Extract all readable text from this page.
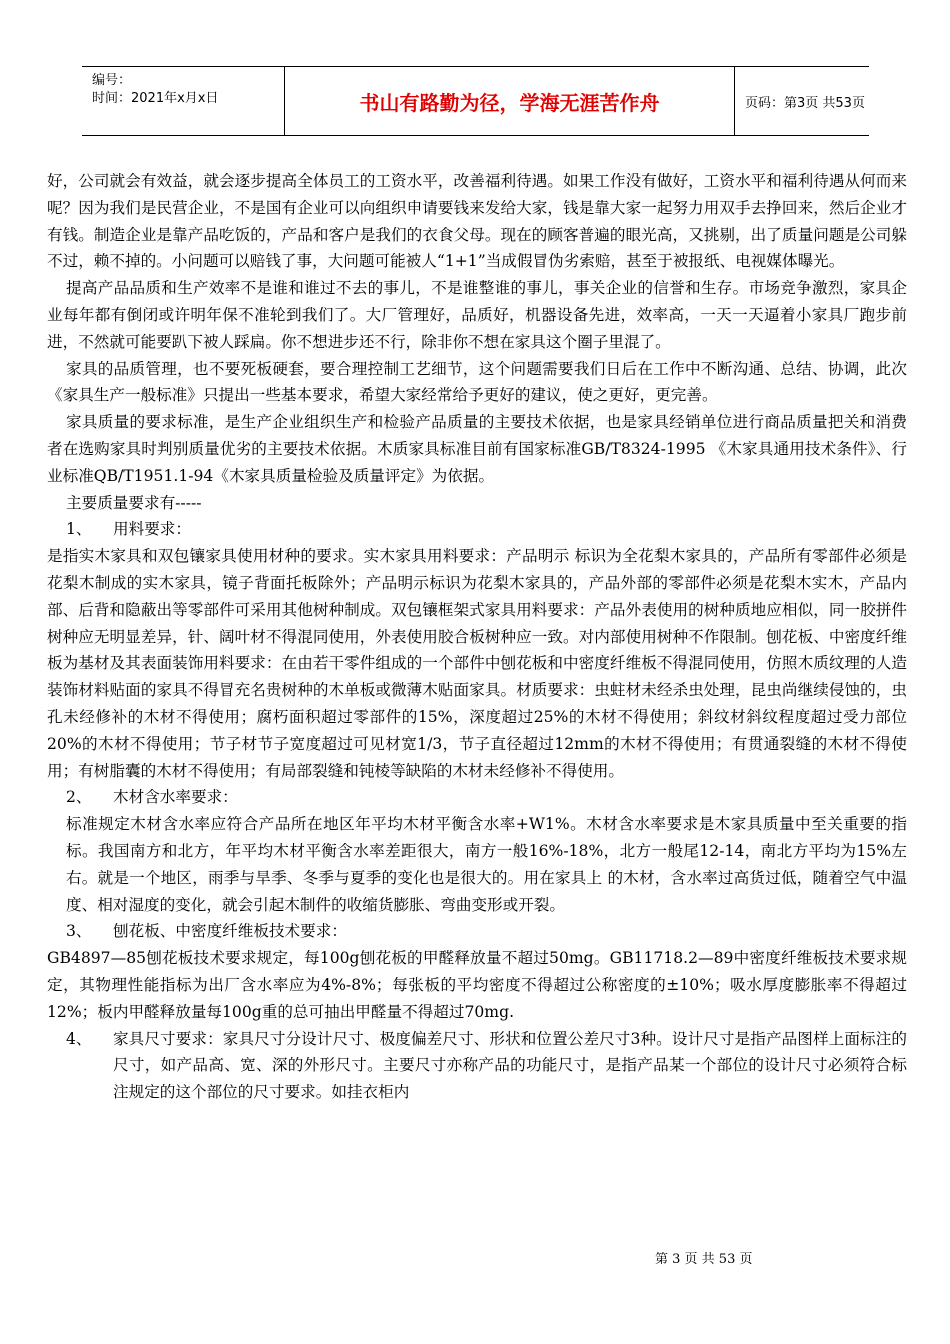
编号：
时间：2021年x月x日	书山有路勤为径，学海无涯苦作舟	页码：第3页 共53页

好，公司就会有效益，就会逐步提高全体员工的工资水平，改善福利待遇。如果工作没有做好，工资水平和福利待遇从何而来呢？因为我们是民营企业，不是国有企业可以向组织申请要钱来发给大家，钱是靠大家一起努力用双手去挣回来，然后企业才有钱。制造企业是靠产品吃饭的，产品和客户是我们的衣食父母。现在的顾客普遍的眼光高，又挑剔，出了质量问题是公司躲不过，赖不掉的。小问题可以赔钱了事，大问题可能被人“1+1”当成假冒伪劣索赔，甚至于被报纸、电视媒体曝光。

提高产品品质和生产效率不是谁和谁过不去的事儿，不是谁整谁的事儿，事关企业的信誉和生存。市场竞争激烈，家具企业每年都有倒闭或许明年保不准轮到我们了。大厂管理好，品质好，机器设备先进，效率高，一天一天逼着小家具厂跑步前进，不然就可能要趴下被人踩扁。你不想进步还不行，除非你不想在家具这个圈子里混了。

家具的品质管理，也不要死板硬套，要合理控制工艺细节，这个问题需要我们日后在工作中不断沟通、总结、协调，此次《家具生产一般标准》只提出一些基本要求，希望大家经常给予更好的建议，使之更好，更完善。

家具质量的要求标准，是生产企业组织生产和检验产品质量的主要技术依据，也是家具经销单位进行商品质量把关和消费者在选购家具时判别质量优劣的主要技术依据。木质家具标准目前有国家标准GB/T8324-1995 《木家具通用技术条件》、行业标准QB/T1951.1-94《木家具质量检验及质量评定》为依据。

主要质量要求有-----

1、	用料要求：

是指实木家具和双包镶家具使用材种的要求。实木家具用料要求：产品明示 标识为全花梨木家具的，产品所有零部件必须是花梨木制成的实木家具，镜子背面托板除外；产品明示标识为花梨木家具的，产品外部的零部件必须是花梨木实木，产品内部、后背和隐蔽出等零部件可采用其他树种制成。双包镶框架式家具用料要求：产品外表使用的树种质地应相似，同一胶拼件树种应无明显差异，针、阔叶材不得混同使用，外表使用胶合板树种应一致。对内部使用树种不作限制。刨花板、中密度纤维板为基材及其表面装饰用料要求：在由若干零件组成的一个部件中刨花板和中密度纤维板不得混同使用，仿照木质纹理的人造装饰材料贴面的家具不得冒充名贵树种的木单板或微薄木贴面家具。材质要求：虫蛀材未经杀虫处理，昆虫尚继续侵蚀的，虫孔未经修补的木材不得使用；腐朽面积超过零部件的15%，深度超过25%的木材不得使用；斜纹材斜纹程度超过受力部位20%的木材不得使用；节子材节子宽度超过可见材宽1/3，节子直径超过12mm的木材不得使用；有贯通裂缝的木材不得使用；有树脂囊的木材不得使用；有局部裂缝和钝棱等缺陷的木材未经修补不得使用。

2、	木材含水率要求：

标准规定木材含水率应符合产品所在地区年平均木材平衡含水率+W1%。木材含水率要求是木家具质量中至关重要的指标。我国南方和北方，年平均木材平衡含水率差距很大，南方一般16%-18%，北方一般尾12-14，南北方平均为15%左右。就是一个地区，雨季与旱季、冬季与夏季的变化也是很大的。用在家具上 的木材，含水率过高货过低，随着空气中温度、相对湿度的变化，就会引起木制件的收缩货膨胀、弯曲变形或开裂。

3、	刨花板、中密度纤维板技术要求：

GB4897—85刨花板技术要求规定，每100g刨花板的甲醛释放量不超过50mg。GB11718.2—89中密度纤维板技术要求规定，其物理性能指标为出厂含水率应为4%-8%；每张板的平均密度不得超过公称密度的±10%；吸水厚度膨胀率不得超过12%；板内甲醛释放量每100g重的总可抽出甲醛量不得超过70mg.

4、	家具尺寸要求：家具尺寸分设计尺寸、极度偏差尺寸、形状和位置公差尺寸3种。设计尺寸是指产品图样上面标注的尺寸，如产品高、宽、深的外形尺寸。主要尺寸亦称产品的功能尺寸，是指产品某一个部位的设计尺寸必须符合标注规定的这个部位的尺寸要求。如挂衣柜内
第 3 页 共 53 页
